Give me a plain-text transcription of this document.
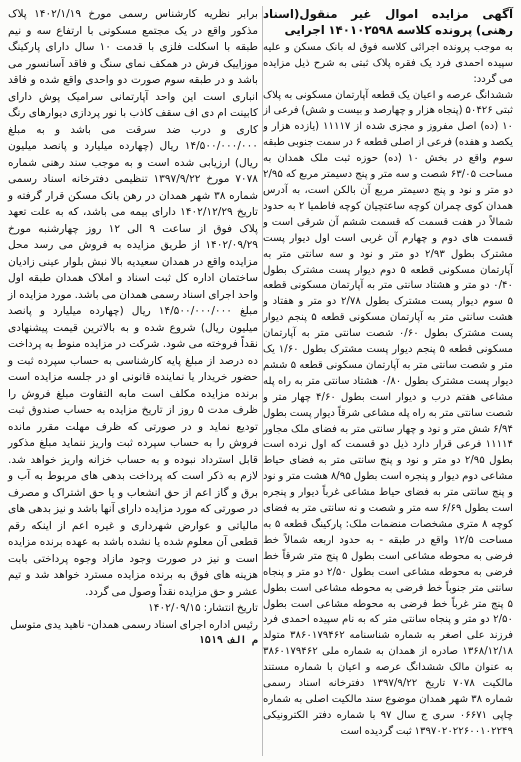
آگهی مزایده اموال غیر منقول(اسناد رهنی) پرونده کلاسه ۱۴۰۱۰۲۵۹۸ اجرایی

به موجب پرونده اجرائی کلاسه فوق له بانک مسکن و علیه سپیده احمدی فرد یک فقره پلاک ثبتی به شرح ذیل مزایده می گردد:

ششدانگ عرصه و اعیان یک قطعه آپارتمان مسکونی به پلاک ثبتی ۵۰۴۲۶ (پنجاه هزار و چهارصد و بیست و شش) فرعی از ۱۰ (ده) اصل مفروز و مجزی شده از ۱۱۱۱۷ (یازده هزار و یکصد و هفده) فرعی از اصلی قطعه ۶ در سمت جنوبی طبقه سوم واقع در بخش ۱۰ (ده) حوزه ثبت ملک همدان به مساحت ۶۳/۰۵ شصت و سه متر و پنج دسیمتر مربع که ۲/۹۵ دو متر و نود و پنج دسیمتر مربع آن بالکن است، به آدرس همدان کوی چمران کوچه ساعتچیان کوچه فاطمیا ۲ به حدود شمالاً در هفت قسمت که قسمت ششم آن شرقی است و قسمت های دوم و چهارم آن غربی است اول دیوار پست مشترک بطول ۲/۹۳ دو متر و نود و سه سانتی متر به آپارتمان مسکونی قطعه ۵ دوم دیوار پست مشترک بطول ۰/۴۰ دو متر و هشتاد سانتی متر به آپارتمان مسکونی قطعه ۵ سوم دیوار پست مشترک بطول ۲/۷۸ دو متر و هفتاد و هشت سانتی متر به آپارتمان مسکونی قطعه ۵ پنجم دیوار پست مشترک بطول ۰/۶۰ شصت سانتی متر به آپارتمان مسکونی قطعه ۵ پنجم دیوار پست مشترک بطول ۱/۶۰ یک متر و شصت سانتی متر به آپارتمان مسکونی قطعه ۵ ششم دیوار پست مشترک بطول ۰/۸۰ هشتاد سانتی متر به راه پله مشاعی هفتم درب و دیوار است بطول ۴/۶۰ چهار متر و شصت سانتی متر به راه پله مشاعی شرقاً دیوار پست بطول ۶/۹۴ شش متر و نود و چهار سانتی متر به فضای ملک مجاور ۱۱۱۱۴ فرعی قرار دارد ذیل دو قسمت که اول نرده است بطول ۲/۹۵ دو متر و نود و پنج سانتی متر به فضای حیاط مشاعی دوم دیوار و پنجره است بطول ۸/۹۵ هشت متر و نود و پنج سانتی متر به فضای حیاط مشاعی غرباً دیوار و پنجره است بطول ۶/۶۹ سه متر و شصت و نه سانتی متر به فضای کوچه ۸ متری مشخصات منضمات ملک: پارکینگ قطعه ۵ به مساحت ۱۲/۵ واقع در طبقه - به حدود اربعه شمالاً خط فرضی به محوطه مشاعی است بطول ۵ پنج متر شرقاً خط فرضی به محوطه مشاعی است بطول ۲/۵۰ دو متر و پنجاه سانتی متر جنوباً خط فرضی به محوطه مشاعی است بطول ۵ پنج متر غرباً خط فرضی به محوطه مشاعی است بطول ۲/۵۰ دو متر و پنجاه سانتی متر که به نام سپیده احمدی فرد فرزند علی اصغر به شماره شناسنامه ۳۸۶۰۱۷۹۴۶۲ متولد ۱۳۶۸/۱۲/۱۸ صادره از همدان به شماره ملی ۳۸۶۰۱۷۹۴۶۲ به عنوان مالک ششدانگ عرصه و اعیان با شماره مستند مالکیت ۷۰۷۸ تاریخ ۱۳۹۷/۹/۲۲ دفترخانه اسناد رسمی شماره ۳۸ شهر همدان موضوع سند مالکیت اصلی به شماره چاپی ۰۶۶۷۱ سری ج سال ۹۷ با شماره دفتر الکترونیکی ۱۳۹۷۰۲۰۲۲۶۰۰۱۰۲۲۴۹ ثبت گردیده است

برابر نظریه کارشناس رسمی مورخ ۱۴۰۲/۱/۱۹ پلاک مذکور واقع در یک مجتمع مسکونی با ارتفاع سه و نیم طبقه با اسکلت فلزی با قدمت ۱۰ سال دارای پارکینگ موزاییک فرش در همکف نمای سنگ و فاقد آسانسور می باشد و در طبقه سوم صورت دو واحدی واقع شده و فاقد انباری است این واحد آپارتمانی سرامیک پوش دارای کابینت ام دی اف سقف کاذب با نور پردازی دیوارهای رنگ کاری و درب ضد سرقت می باشد و به مبلغ ۱۴/۵۰۰/۰۰۰/۰۰۰ ریال (چهارده میلیارد و پانصد میلیون ریال) ارزیابی شده است و به موجب سند رهنی شماره ۷۰۷۸ مورخ ۱۳۹۷/۹/۲۲ تنظیمی دفترخانه اسناد رسمی شماره ۳۸ شهر همدان در رهن بانک مسکن قرار گرفته و تاریخ ۱۴۰۲/۱۲/۲۹ دارای بیمه می باشد، که به علت تعهد پلاک فوق از ساعت ۹ الی ۱۲ روز چهارشنبه مورخ ۱۴۰۲/۰۹/۲۹ از طریق مزایده به فروش می رسد محل مزایده واقع در همدان سعیدیه بالا نبش بلوار عینی زادیان ساختمان اداره کل ثبت اسناد و املاک همدان طبقه اول واحد اجرای اسناد رسمی همدان می باشد. مورد مزایده از مبلغ ۱۴/۵۰۰/۰۰۰/۰۰۰ ریال (چهارده میلیارد و پانصد میلیون ریال) شروع شده و به بالاترین قیمت پیشنهادی نقداً فروخته می شود. شرکت در مزایده منوط به پرداخت ده درصد از مبلغ پایه کارشناسی به حساب سپرده ثبت و حضور خریدار یا نماینده قانونی او در جلسه مزایده است برنده مزایده مکلف است مابه التفاوت مبلغ فروش را ظرف مدت ۵ روز از تاریخ مزایده به حساب صندوق ثبت تودیع نماید و در صورتی که ظرف مهلت مقرر مانده فروش را به حساب سپرده ثبت واریز ننماید مبلغ مذکور قابل استرداد نبوده و به حساب خزانه واریز خواهد شد. لازم به ذکر است که پرداخت بدهی های مربوط به آب و برق و گاز اعم از حق انشعاب و یا حق اشتراک و مصرف در صورتی که مورد مزایده دارای آنها باشد و نیز بدهی های مالیاتی و عوارض شهرداری و غیره اعم از اینکه رقم قطعی آن معلوم شده یا نشده باشد به عهده برنده مزایده است و نیز در صورت وجود مازاد وجوه پرداختی بابت هزینه های فوق به برنده مزایده مسترد خواهد شد و تیم عشر و حق مزایده نقداً وصول می گردد.

تاریخ انتشار: ۱۴۰۲/۰۹/۱۵
رئیس اداره اجرای اسناد رسمی همدان- ناهید یدی متوسل
م الف ۱۵۱۹
